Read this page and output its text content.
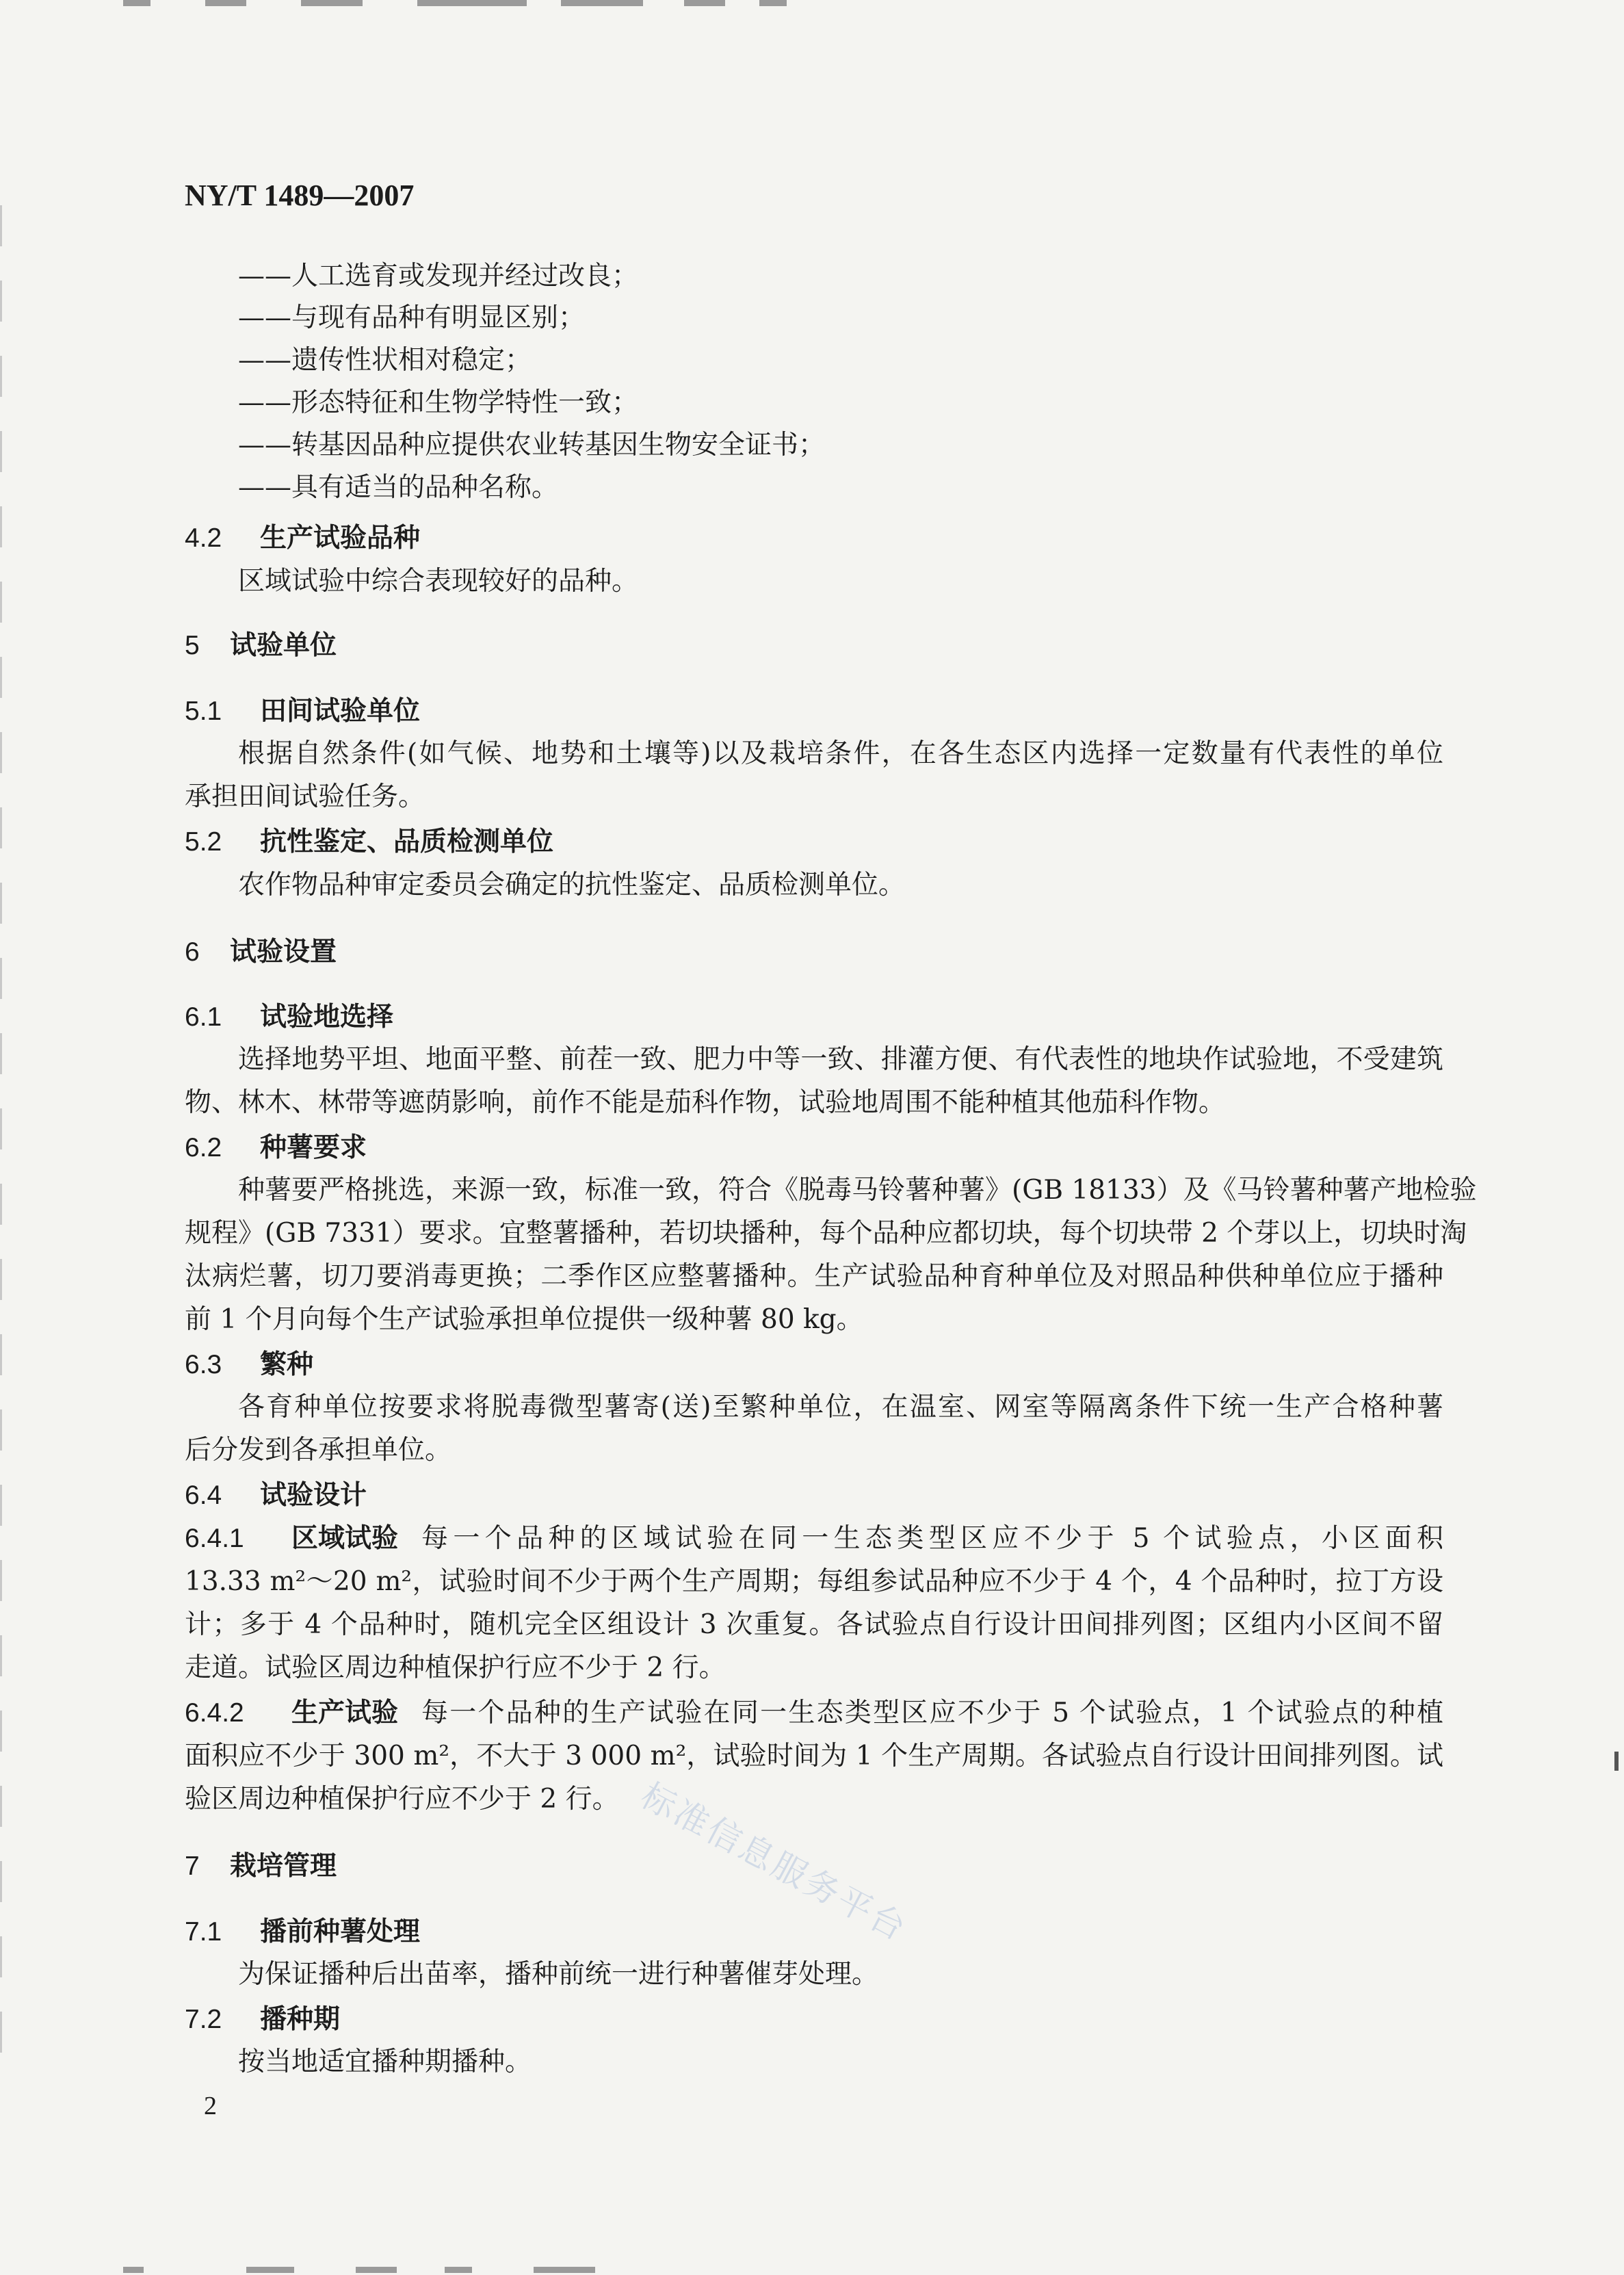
NY/T 1489—2007
——人工选育或发现并经过改良；
——与现有品种有明显区别；
——遗传性状相对稳定；
——形态特征和生物学特性一致；
——转基因品种应提供农业转基因生物安全证书；
——具有适当的品种名称。
4.2 生产试验品种
区域试验中综合表现较好的品种。
5 试验单位
5.1 田间试验单位
根据自然条件(如气候、地势和土壤等)以及栽培条件，在各生态区内选择一定数量有代表性的单位
承担田间试验任务。
5.2 抗性鉴定、品质检测单位
农作物品种审定委员会确定的抗性鉴定、品质检测单位。
6 试验设置
6.1 试验地选择
选择地势平坦、地面平整、前茬一致、肥力中等一致、排灌方便、有代表性的地块作试验地，不受建筑
物、林木、林带等遮荫影响，前作不能是茄科作物，试验地周围不能种植其他茄科作物。
6.2 种薯要求
种薯要严格挑选，来源一致，标准一致，符合《脱毒马铃薯种薯》(GB 18133）及《马铃薯种薯产地检验
规程》(GB 7331）要求。宜整薯播种，若切块播种，每个品种应都切块，每个切块带 2 个芽以上，切块时淘
汰病烂薯，切刀要消毒更换；二季作区应整薯播种。生产试验品种育种单位及对照品种供种单位应于播种
前 1 个月向每个生产试验承担单位提供一级种薯 80 kg。
6.3 繁种
各育种单位按要求将脱毒微型薯寄(送)至繁种单位，在温室、网室等隔离条件下统一生产合格种薯
后分发到各承担单位。
6.4 试验设计
6.4.1 区域试验 每一个品种的区域试验在同一生态类型区应不少于 5 个试验点，小区面积
13.33 m²～20 m²，试验时间不少于两个生产周期；每组参试品种应不少于 4 个，4 个品种时，拉丁方设
计；多于 4 个品种时，随机完全区组设计 3 次重复。各试验点自行设计田间排列图；区组内小区间不留
走道。试验区周边种植保护行应不少于 2 行。
6.4.2 生产试验 每一个品种的生产试验在同一生态类型区应不少于 5 个试验点，1 个试验点的种植
面积应不少于 300 m²，不大于 3 000 m²，试验时间为 1 个生产周期。各试验点自行设计田间排列图。试
验区周边种植保护行应不少于 2 行。
7 栽培管理
7.1 播前种薯处理
为保证播种后出苗率，播种前统一进行种薯催芽处理。
7.2 播种期
按当地适宜播种期播种。
2
标准信息服务平台
